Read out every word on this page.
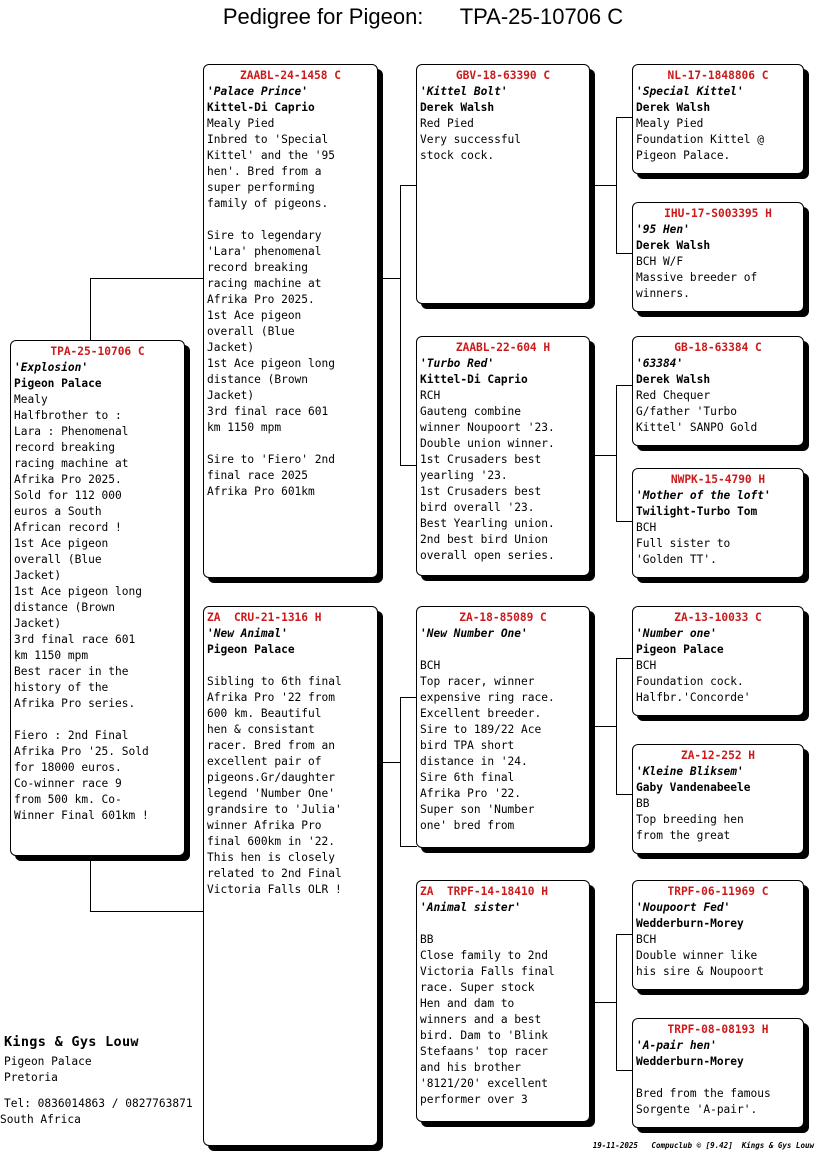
Pedigree for Pigeon:      TPA-25-10706 C
TPA-25-10706 C
'Explosion'
Pigeon Palace
Mealy
Halfbrother to :
Lara : Phenomenal
record breaking
racing machine at
Afrika Pro 2025.
Sold for 112 000
euros a South
African record !
1st Ace pigeon
overall (Blue
Jacket)
1st Ace pigeon long
distance (Brown
Jacket)
3rd final race 601
km 1150 mpm
Best racer in the
history of the
Afrika Pro series.
Fiero : 2nd Final
Afrika Pro '25. Sold
for 18000 euros.
Co-winner race 9
from 500 km. Co-
Winner Final 601km !
ZAABL-24-1458 C
'Palace Prince'
Kittel-Di Caprio
Mealy Pied
Inbred to 'Special
Kittel' and the '95
hen'. Bred from a
super performing
family of pigeons.
Sire to legendary
'Lara' phenomenal
record breaking
racing machine at
Afrika Pro 2025.
1st Ace pigeon
overall (Blue
Jacket)
1st Ace pigeon long
distance (Brown
Jacket)
3rd final race 601
km 1150 mpm
Sire to 'Fiero' 2nd
final race 2025
Afrika Pro 601km
ZA  CRU-21-1316 H
'New Animal'
Pigeon Palace
Sibling to 6th final
Afrika Pro '22 from
600 km. Beautiful
hen & consistant
racer. Bred from an
excellent pair of
pigeons.Gr/daughter
legend 'Number One'
grandsire to 'Julia'
winner Afrika Pro
final 600km in '22.
This hen is closely
related to 2nd Final
Victoria Falls OLR !
GBV-18-63390 C
'Kittel Bolt'
Derek Walsh
Red Pied
Very successful
stock cock.
ZAABL-22-604 H
'Turbo Red'
Kittel-Di Caprio
RCH
Gauteng combine
winner Noupoort '23.
Double union winner.
1st Crusaders best
yearling '23.
1st Crusaders best
bird overall '23.
Best Yearling union.
2nd best bird Union
overall open series.
ZA-18-85089 C
'New Number One'
BCH
Top racer, winner
expensive ring race.
Excellent breeder.
Sire to 189/22 Ace
bird TPA short
distance in '24.
Sire 6th final
Afrika Pro '22.
Super son 'Number
one' bred from
ZA  TRPF-14-18410 H
'Animal sister'
BB
Close family to 2nd
Victoria Falls final
race. Super stock
Hen and dam to
winners and a best
bird. Dam to 'Blink
Stefaans' top racer
and his brother
'8121/20' excellent
performer over 3
NL-17-1848806 C
'Special Kittel'
Derek Walsh
Mealy Pied
Foundation Kittel @
Pigeon Palace.
IHU-17-S003395 H
'95 Hen'
Derek Walsh
BCH W/F
Massive breeder of
winners.
GB-18-63384 C
'63384'
Derek Walsh
Red Chequer
G/father 'Turbo
Kittel' SANPO Gold
NWPK-15-4790 H
'Mother of the loft'
Twilight-Turbo Tom
BCH
Full sister to
'Golden TT'.
ZA-13-10033 C
'Number one'
Pigeon Palace
BCH
Foundation cock.
Halfbr.'Concorde'
ZA-12-252 H
'Kleine Bliksem'
Gaby Vandenabeele
BB
Top breeding hen
from the great
TRPF-06-11969 C
'Noupoort Fed'
Wedderburn-Morey
BCH
Double winner like
his sire & Noupoort
TRPF-08-08193 H
'A-pair hen'
Wedderburn-Morey
Bred from the famous
Sorgente 'A-pair'.
Kings & Gys Louw
Pigeon Palace
Pretoria
Tel: 0836014863 / 0827763871
South Africa
19-11-2025   Compuclub © [9.42]  Kings & Gys Louw
